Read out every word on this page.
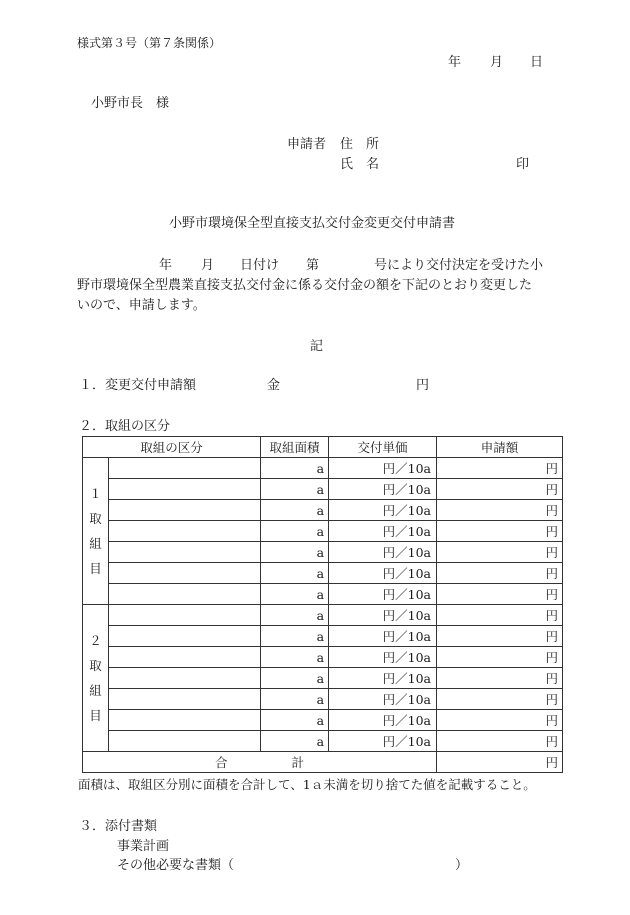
様式第３号（第７条関係）
年 月 日
小野市長　様
申請者 住　所
氏　名	印
小野市環境保全型直接支払交付金変更交付申請書
年 月 日付け 第	号により交付決定を受けた小
野市環境保全型農業直接支払交付金に係る交付金の額を下記のとおり変更した
いので、申請します。
記
１．変更交付申請額	金	円
２．取組の区分
取組の区分		取組面積	交付単価	申請額

１
取
組
目		a	円／10a	円
		a	円／10a	円
		a	円／10a	円
		a	円／10a	円
		a	円／10a	円
		a	円／10a	円
		a	円／10a	円

２
取
組
目		a	円／10a	円
		a	円／10a	円
		a	円／10a	円
		a	円／10a	円
		a	円／10a	円
		a	円／10a	円
		a	円／10a	円
合 計				円
面積は、取組区分別に面積を合計して、1ａ未満を切り捨てた値を記載すること。
３．添付書類
事業計画
その他必要な書類（	）
